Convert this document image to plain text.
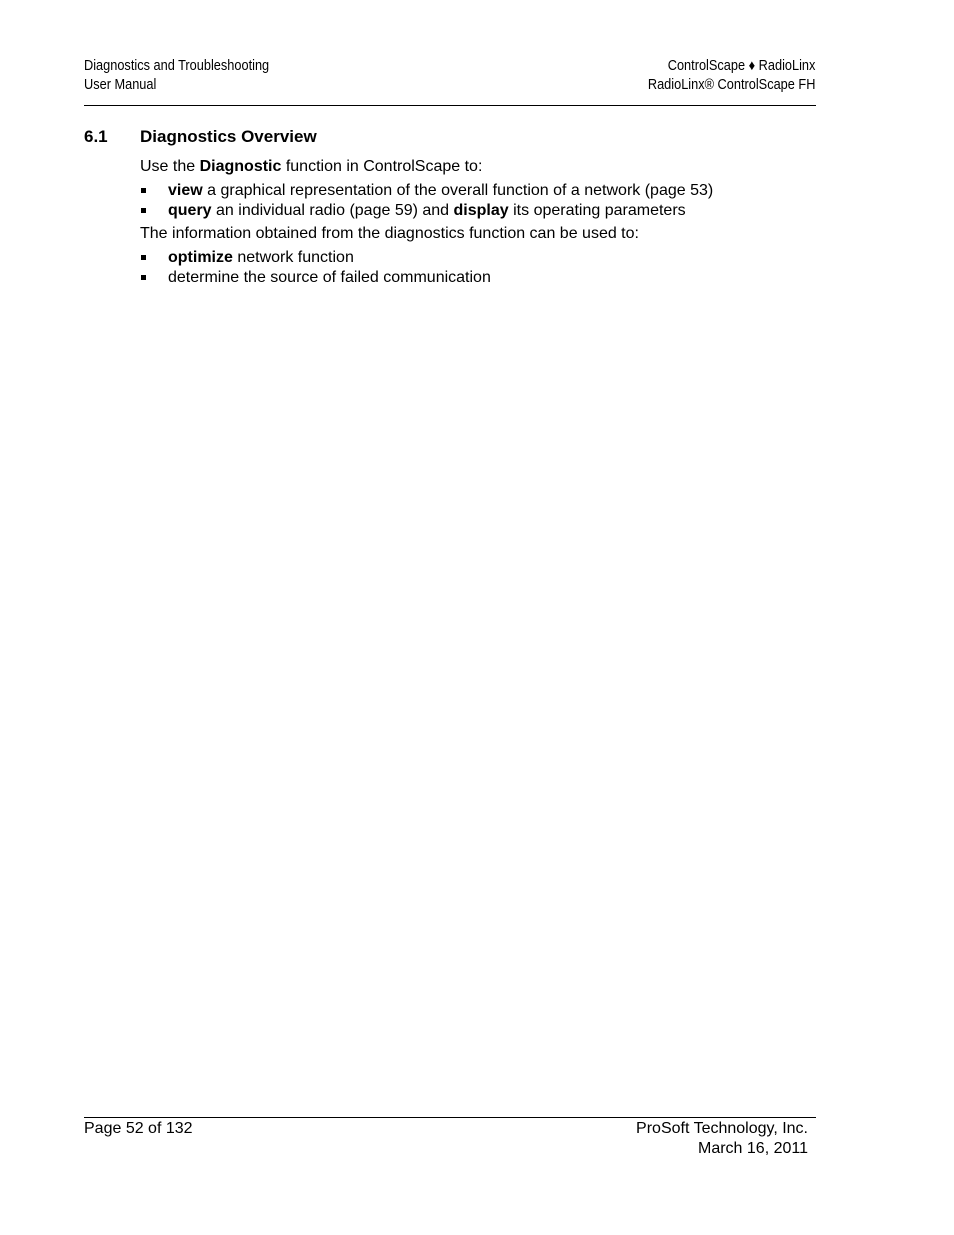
Diagnostics and Troubleshooting
User Manual
ControlScape ♦ RadioLinx
RadioLinx® ControlScape FH
6.1 Diagnostics Overview
Use the Diagnostic function in ControlScape to:
view a graphical representation of the overall function of a network (page 53)
query an individual radio (page 59) and display its operating parameters
The information obtained from the diagnostics function can be used to:
optimize network function
determine the source of failed communication
Page 52 of 132	ProSoft Technology, Inc.
March 16, 2011
